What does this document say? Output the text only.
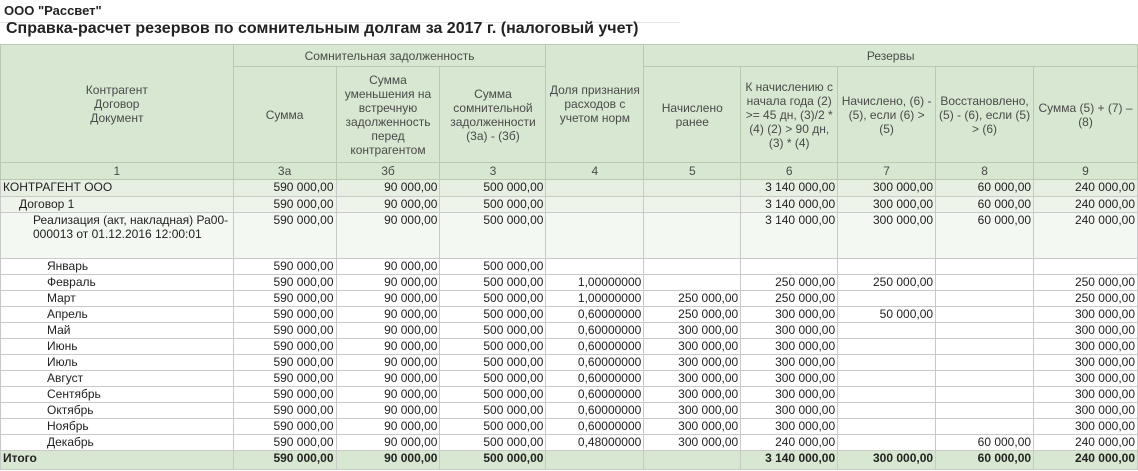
ООО "Рассвет"
Справка-расчет резервов по сомнительным долгам за 2017 г. (налоговый учет)
Контрагент
Договор
Документ	Сомнительная задолженность			Доля признания расходов с учетом норм	Резервы				
	Сумма	Сумма уменьшения на встречную задолженность перед контрагентом	Сумма сомнительной задолженности (3а) - (3б)		Начислено ранее	К начислению с начала года (2) >= 45 дн, (3)/2 * (4) (2) > 90 дн, (3) * (4)	Начислено, (6) - (5), если (6) > (5)	Восстановлено, (5) - (6), если (5) > (6)	Сумма (5) + (7) – (8)
1	3а	3б	3	4	5	6	7	8	9
КОНТРАГЕНТ ООО	590 000,00	90 000,00	500 000,00			3 140 000,00	300 000,00	60 000,00	240 000,00
Договор 1	590 000,00	90 000,00	500 000,00			3 140 000,00	300 000,00	60 000,00	240 000,00
Реализация (акт, накладная) Ра00-000013 от 01.12.2016 12:00:01	590 000,00	90 000,00	500 000,00			3 140 000,00	300 000,00	60 000,00	240 000,00
Январь	590 000,00	90 000,00	500 000,00						
Февраль	590 000,00	90 000,00	500 000,00	1,00000000		250 000,00	250 000,00		250 000,00
Март	590 000,00	90 000,00	500 000,00	1,00000000	250 000,00	250 000,00			250 000,00
Апрель	590 000,00	90 000,00	500 000,00	0,60000000	250 000,00	300 000,00	50 000,00		300 000,00
Май	590 000,00	90 000,00	500 000,00	0,60000000	300 000,00	300 000,00			300 000,00
Июнь	590 000,00	90 000,00	500 000,00	0,60000000	300 000,00	300 000,00			300 000,00
Июль	590 000,00	90 000,00	500 000,00	0,60000000	300 000,00	300 000,00			300 000,00
Август	590 000,00	90 000,00	500 000,00	0,60000000	300 000,00	300 000,00			300 000,00
Сентябрь	590 000,00	90 000,00	500 000,00	0,60000000	300 000,00	300 000,00			300 000,00
Октябрь	590 000,00	90 000,00	500 000,00	0,60000000	300 000,00	300 000,00			300 000,00
Ноябрь	590 000,00	90 000,00	500 000,00	0,60000000	300 000,00	300 000,00			300 000,00
Декабрь	590 000,00	90 000,00	500 000,00	0,48000000	300 000,00	240 000,00		60 000,00	240 000,00
Итого	590 000,00	90 000,00	500 000,00			3 140 000,00	300 000,00	60 000,00	240 000,00
